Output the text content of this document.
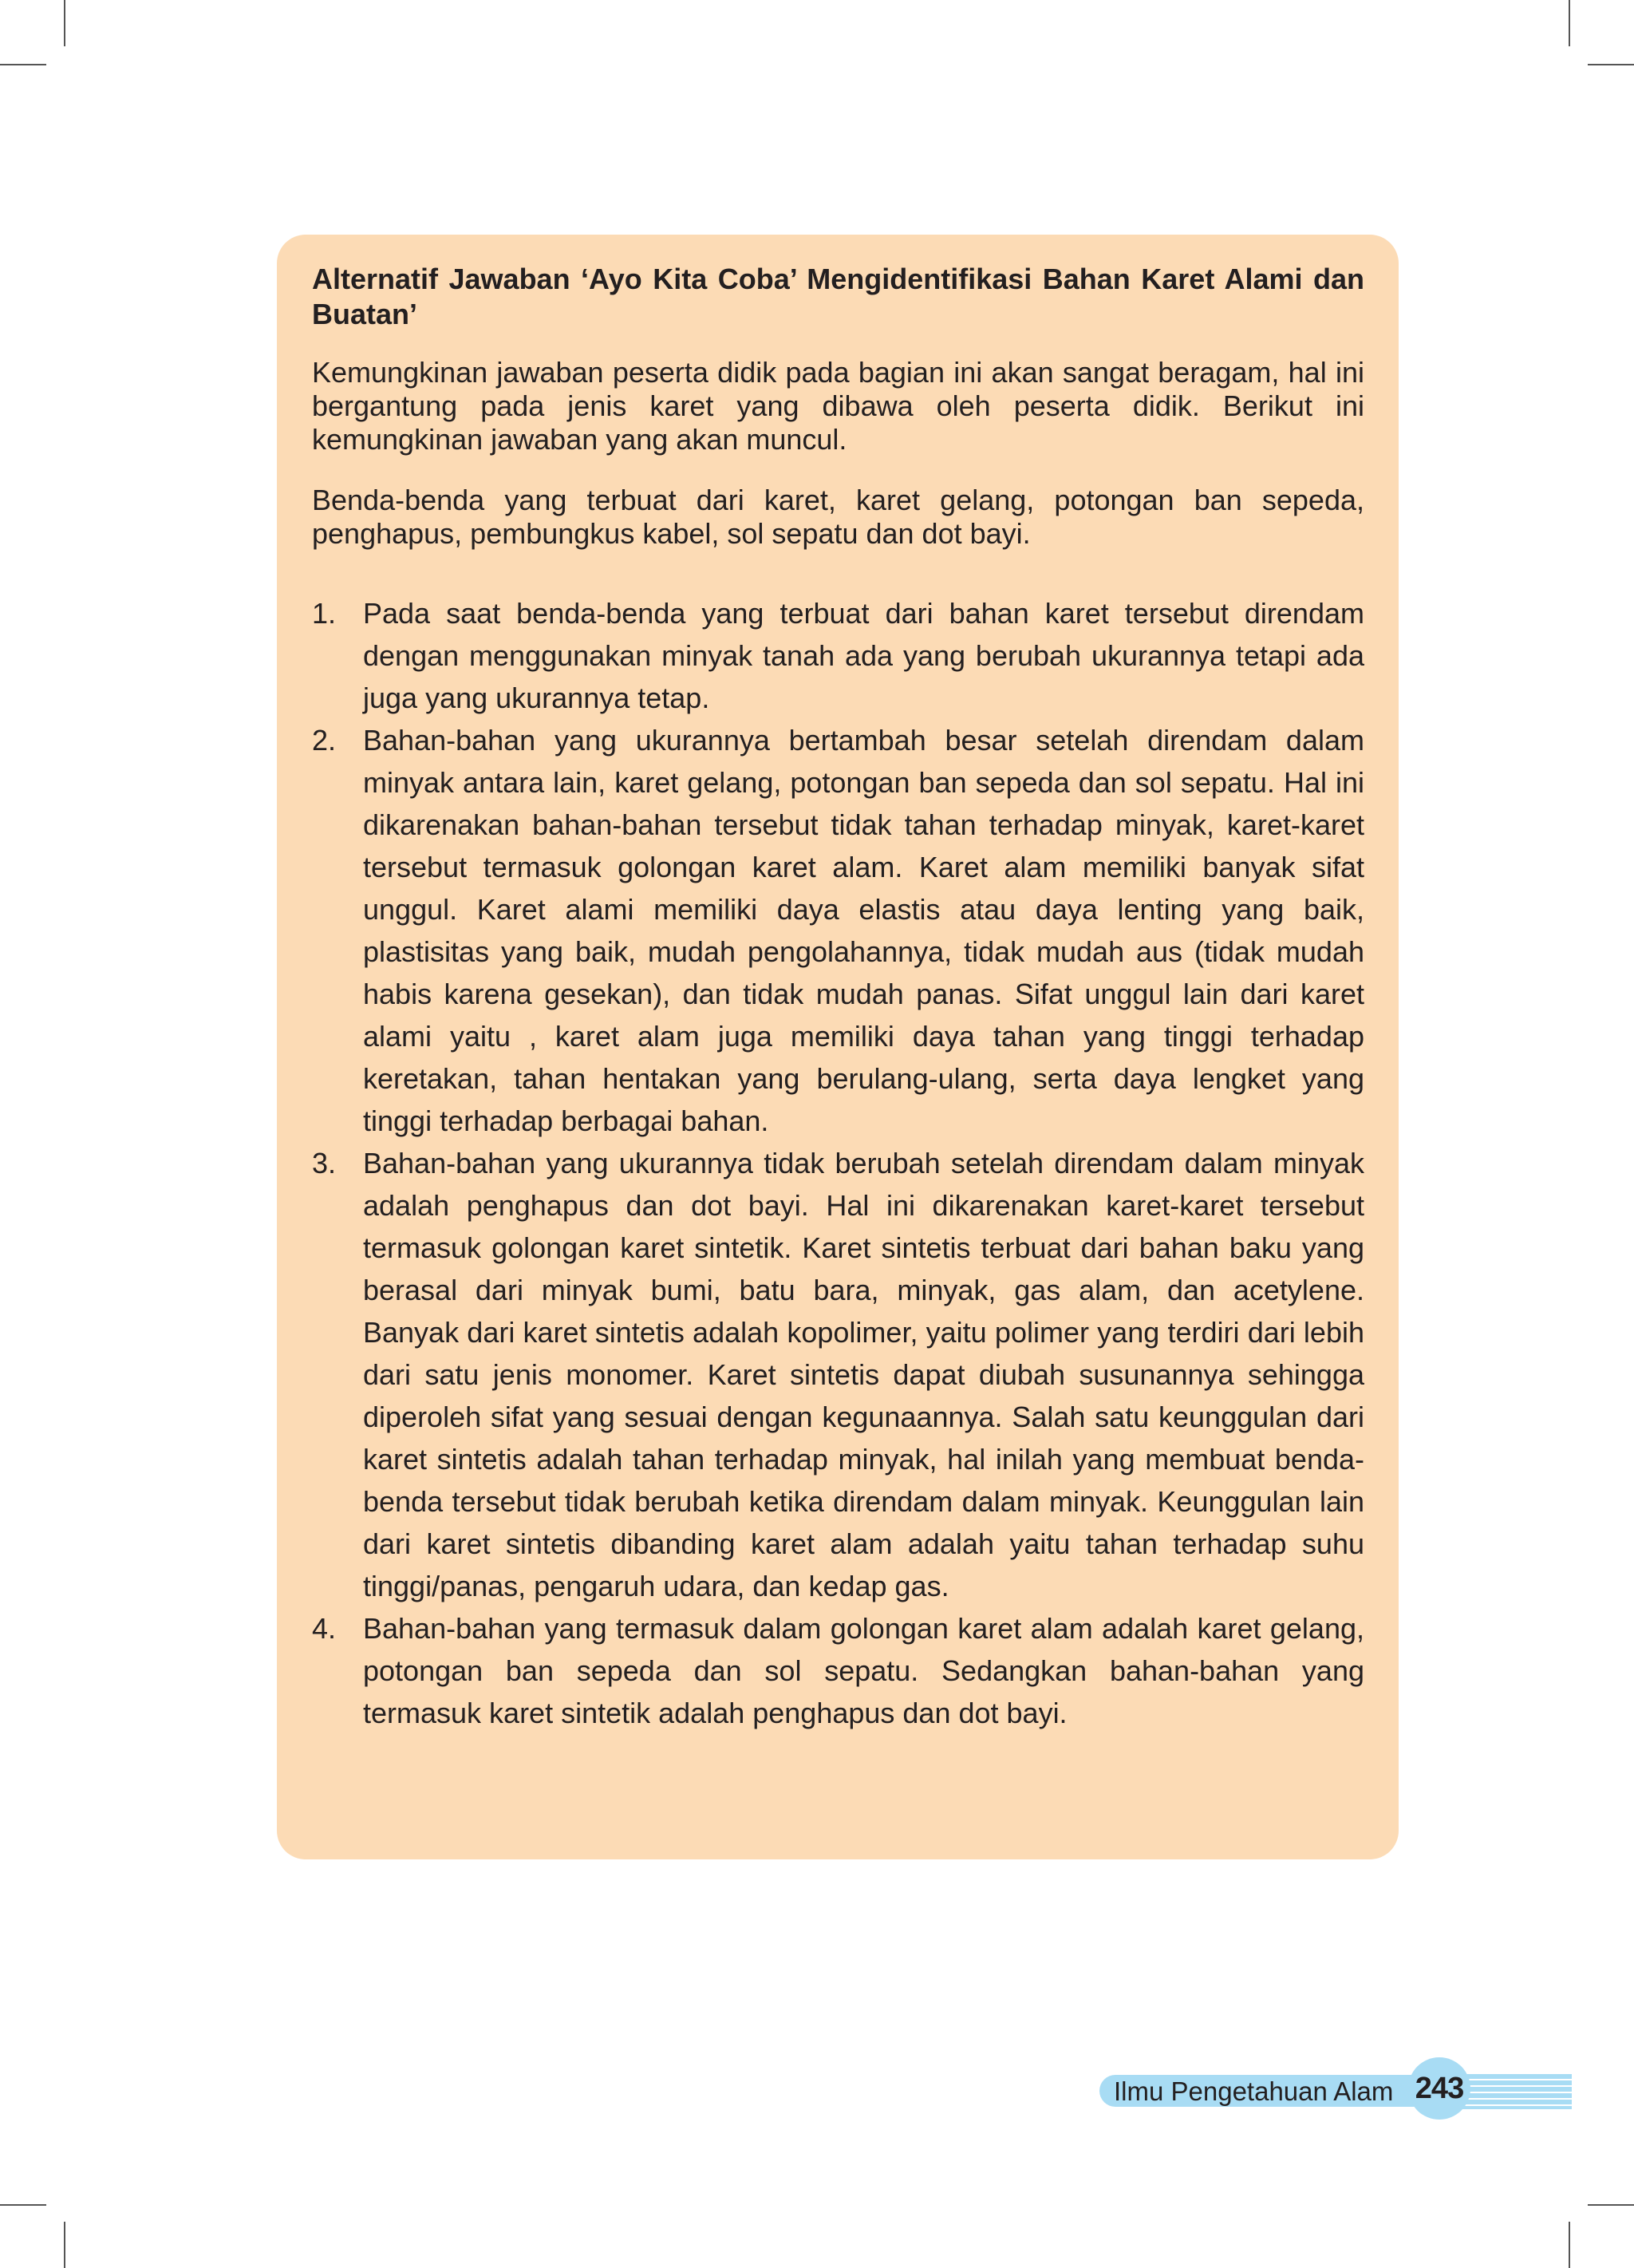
Alternatif Jawaban ‘Ayo Kita Coba’ Mengidentifikasi Bahan Karet Alami dan Buatan’

Kemungkinan jawaban peserta didik pada bagian ini akan sangat beragam, hal ini bergantung pada jenis karet yang dibawa oleh peserta didik. Berikut ini kemungkinan jawaban yang akan muncul.

Benda-benda yang terbuat dari karet, karet gelang, potongan ban sepeda, penghapus, pembungkus kabel, sol sepatu dan dot bayi.

1. Pada saat benda-benda yang terbuat dari bahan karet tersebut direndam dengan menggunakan minyak tanah ada yang berubah ukurannya tetapi ada juga yang ukurannya tetap.
2. Bahan-bahan yang ukurannya bertambah besar setelah direndam dalam minyak antara lain, karet gelang, potongan ban sepeda dan sol sepatu. Hal ini dikarenakan bahan-bahan tersebut tidak tahan terhadap minyak, karet-karet tersebut termasuk golongan karet alam. Karet alam memiliki banyak sifat unggul. Karet alami memiliki daya elastis atau daya lenting yang baik, plastisitas yang baik, mudah pengolahannya, tidak mudah aus (tidak mudah habis karena gesekan), dan tidak mudah panas. Sifat unggul lain dari karet alami yaitu , karet alam juga memiliki daya tahan yang tinggi terhadap keretakan, tahan hentakan yang berulang-ulang, serta daya lengket yang tinggi terhadap berbagai bahan.
3. Bahan-bahan yang ukurannya tidak berubah setelah direndam dalam minyak adalah penghapus dan dot bayi. Hal ini dikarenakan karet-karet tersebut termasuk golongan karet sintetik. Karet sintetis terbuat dari bahan baku yang berasal dari minyak bumi, batu bara, minyak, gas alam, dan acetylene. Banyak dari karet sintetis adalah kopolimer, yaitu polimer yang terdiri dari lebih dari satu jenis monomer. Karet sintetis dapat diubah susunannya sehingga diperoleh sifat yang sesuai dengan kegunaannya. Salah satu keunggulan dari karet sintetis adalah tahan terhadap minyak, hal inilah yang membuat benda-benda tersebut tidak berubah ketika direndam dalam minyak. Keunggulan lain dari karet sintetis dibanding karet alam adalah yaitu tahan terhadap suhu tinggi/panas, pengaruh udara, dan kedap gas.
4. Bahan-bahan yang termasuk dalam golongan karet alam adalah karet gelang, potongan ban sepeda dan sol sepatu. Sedangkan bahan-bahan yang termasuk karet sintetik adalah penghapus dan dot bayi.
Ilmu Pengetahuan Alam 243
